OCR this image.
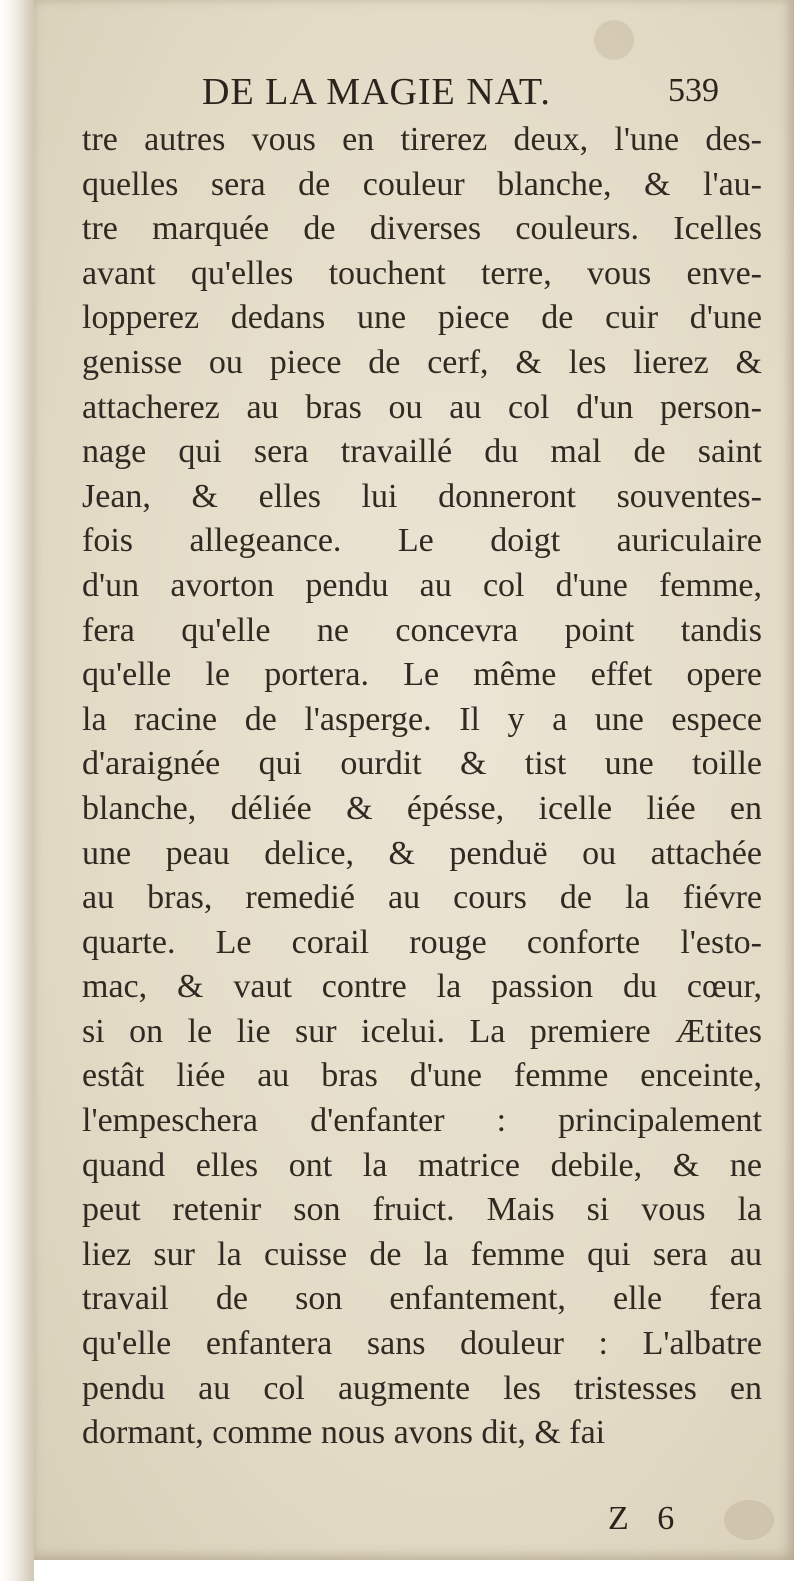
DE LA MAGIE NAT.	539
tre autres vous en tirerez deux, l'une des-
quelles sera de couleur blanche, & l'au-
tre marquée de diverses couleurs. Icelles
avant qu'elles touchent terre, vous enve-
lopperez dedans une piece de cuir d'une
genisse ou piece de cerf, & les lierez &
attacherez au bras ou au col d'un person-
nage qui sera travaillé du mal de saint
Jean, & elles lui donneront souventes-
fois allegeance. Le doigt auriculaire
d'un avorton pendu au col d'une femme,
fera qu'elle ne concevra point tandis
qu'elle le portera. Le même effet opere
la racine de l'asperge. Il y a une espece
d'araignée qui ourdit & tist une toille
blanche, déliée & épésse, icelle liée en
une peau delice, & penduë ou attachée
au bras, remedié au cours de la fiévre
quarte. Le corail rouge conforte l'esto-
mac, & vaut contre la passion du cœur,
si on le lie sur icelui. La premiere Ætites
estât liée au bras d'une femme enceinte,
l'empeschera d'enfanter : principalement
quand elles ont la matrice debile, & ne
peut retenir son fruict. Mais si vous la
liez sur la cuisse de la femme qui sera au
travail de son enfantement, elle fera
qu'elle enfantera sans douleur : L'albatre
pendu au col augmente les tristesses en
dormant, comme nous avons dit, & fai
Z 6
